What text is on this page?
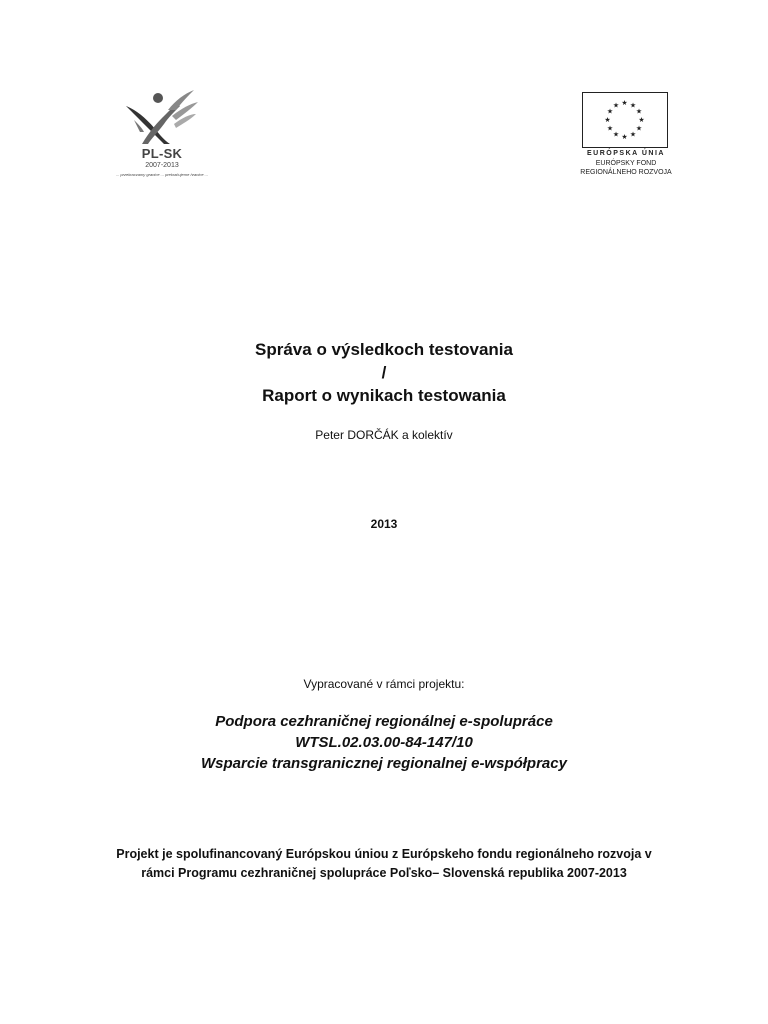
PL-SK
2007-2013
... przekraczamy granice ... prekračujeme hranice ...
★ ★
★
★
★
★
★
★
★
★
★
★
EURÓPSKA ÚNIA
EURÓPSKY FOND
REGIONÁLNEHO ROZVOJA
Správa o výsledkoch testovania
/
Raport o wynikach testowania
Peter DORČÁK a kolektív
2013
Vypracované v rámci projektu:
Podpora cezhraničnej regionálnej e-spolupráce
WTSL.02.03.00-84-147/10
Wsparcie transgranicznej regionalnej e-współpracy
Projekt je spolufinancovaný Európskou úniou z Európskeho fondu regionálneho rozvoja v
rámci Programu cezhraničnej spolupráce Poľsko– Slovenská republika 2007-2013
